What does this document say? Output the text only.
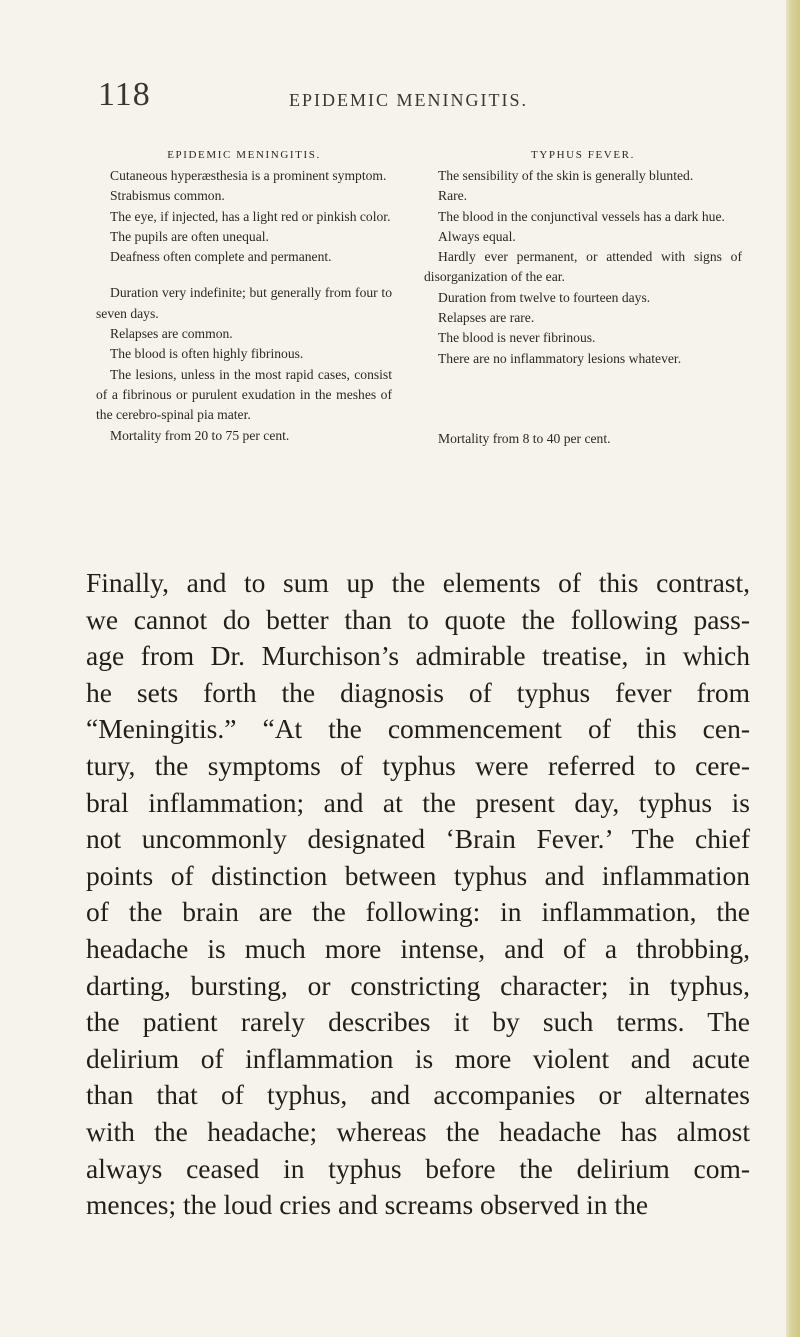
118	EPIDEMIC MENINGITIS.
EPIDEMIC MENINGITIS.
Cutaneous hyperæsthesia is a prominent symptom.
Strabismus common.
The eye, if injected, has a light red or pinkish color.
The pupils are often unequal.
Deafness often complete and permanent.
Duration very indefinite; but generally from four to seven days.
Relapses are common.
The blood is often highly fibrinous.
The lesions, unless in the most rapid cases, consist of a fibrinous or purulent exudation in the meshes of the cerebro-spinal pia mater.
Mortality from 20 to 75 per cent.
TYPHUS FEVER.
The sensibility of the skin is generally blunted.
Rare.
The blood in the conjunctival vessels has a dark hue.
Always equal.
Hardly ever permanent, or attended with signs of disorganization of the ear.
Duration from twelve to fourteen days.
Relapses are rare.
The blood is never fibrinous.
There are no inflammatory lesions whatever.
Mortality from 8 to 40 per cent.

Finally, and to sum up the elements of this contrast,
we cannot do better than to quote the following pass-
age from Dr. Murchison’s admirable treatise, in which
he sets forth the diagnosis of typhus fever from
“Meningitis.” “At the commencement of this cen-
tury, the symptoms of typhus were referred to cere-
bral inflammation; and at the present day, typhus is
not uncommonly designated ‘Brain Fever.’ The chief
points of distinction between typhus and inflammation
of the brain are the following: in inflammation, the
headache is much more intense, and of a throbbing,
darting, bursting, or constricting character; in typhus,
the patient rarely describes it by such terms. The
delirium of inflammation is more violent and acute
than that of typhus, and accompanies or alternates
with the headache; whereas the headache has almost
always ceased in typhus before the delirium com-
mences; the loud cries and screams observed in the
